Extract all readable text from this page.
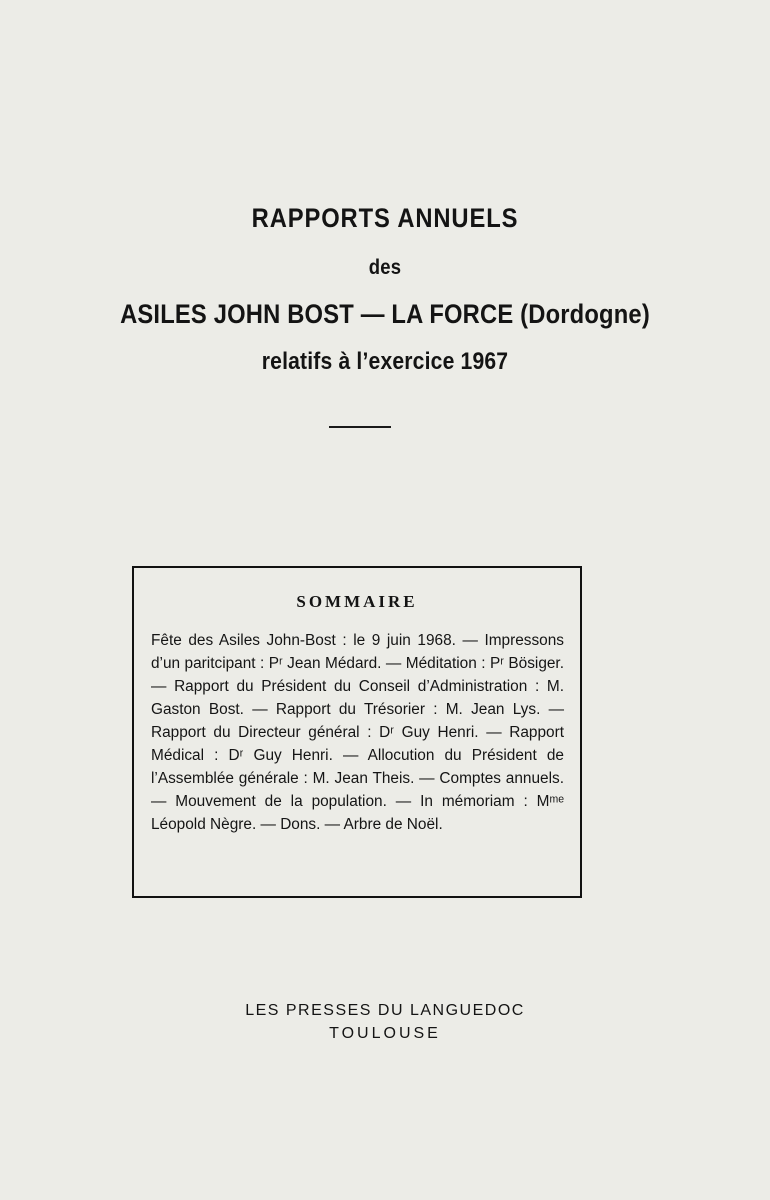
RAPPORTS ANNUELS
des
ASILES JOHN BOST — LA FORCE (Dordogne)
relatifs à l’exercice 1967

SOMMAIRE

Fête des Asiles John-Bost : le 9 juin 1968. — Impressons d’un paritcipant : Pʳ Jean Médard. — Méditation : Pʳ Bösiger. — Rapport du Président du Conseil d’Administration : M. Gaston Bost. — Rapport du Trésorier : M. Jean Lys. — Rapport du Directeur général : Dʳ Guy Henri. — Rapport Médical : Dʳ Guy Henri. — Allocution du Président de l’Assemblée générale : M. Jean Theis. — Comptes annuels. — Mouvement de la population. — In mémoriam : Mᵐᵉ Léopold Nègre. — Dons. — Arbre de Noël.

LES PRESSES DU LANGUEDOC

TOULOUSE
